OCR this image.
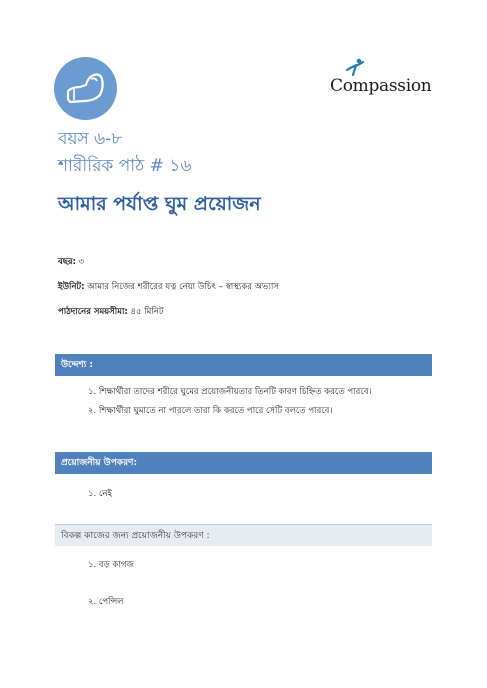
Compassion
বয়স ৬-৮
শারীরিক পাঠ # ১৬
আমার পর্যাপ্ত ঘুম প্রয়োজন
বছর: ৩
ইউনিট: আমার নিজের শরীরের যত্ন নেয়া উচিৎ – স্বাস্থ্যকর অভ্যাস
পাঠদানের সময়সীমা: ৪৫ মিনিট
উদ্দেশ্য :
১. শিক্ষার্থীরা তাদের শরীরে ঘুমের প্রয়োজনীয়তার তিনটি কারণ চিহ্নিত করতে পারবে।
২. শিক্ষার্থীরা ঘুমাতে না পারলে তারা কি করতে পারে সেটি বলতে পারবে।
প্রয়োজনীয় উপকরণ:
১. নেই
বিকল্প কাজের জন্য প্রয়োজনীয় উপকরণ :
১. বড় কাগজ
২. পেন্সিল
